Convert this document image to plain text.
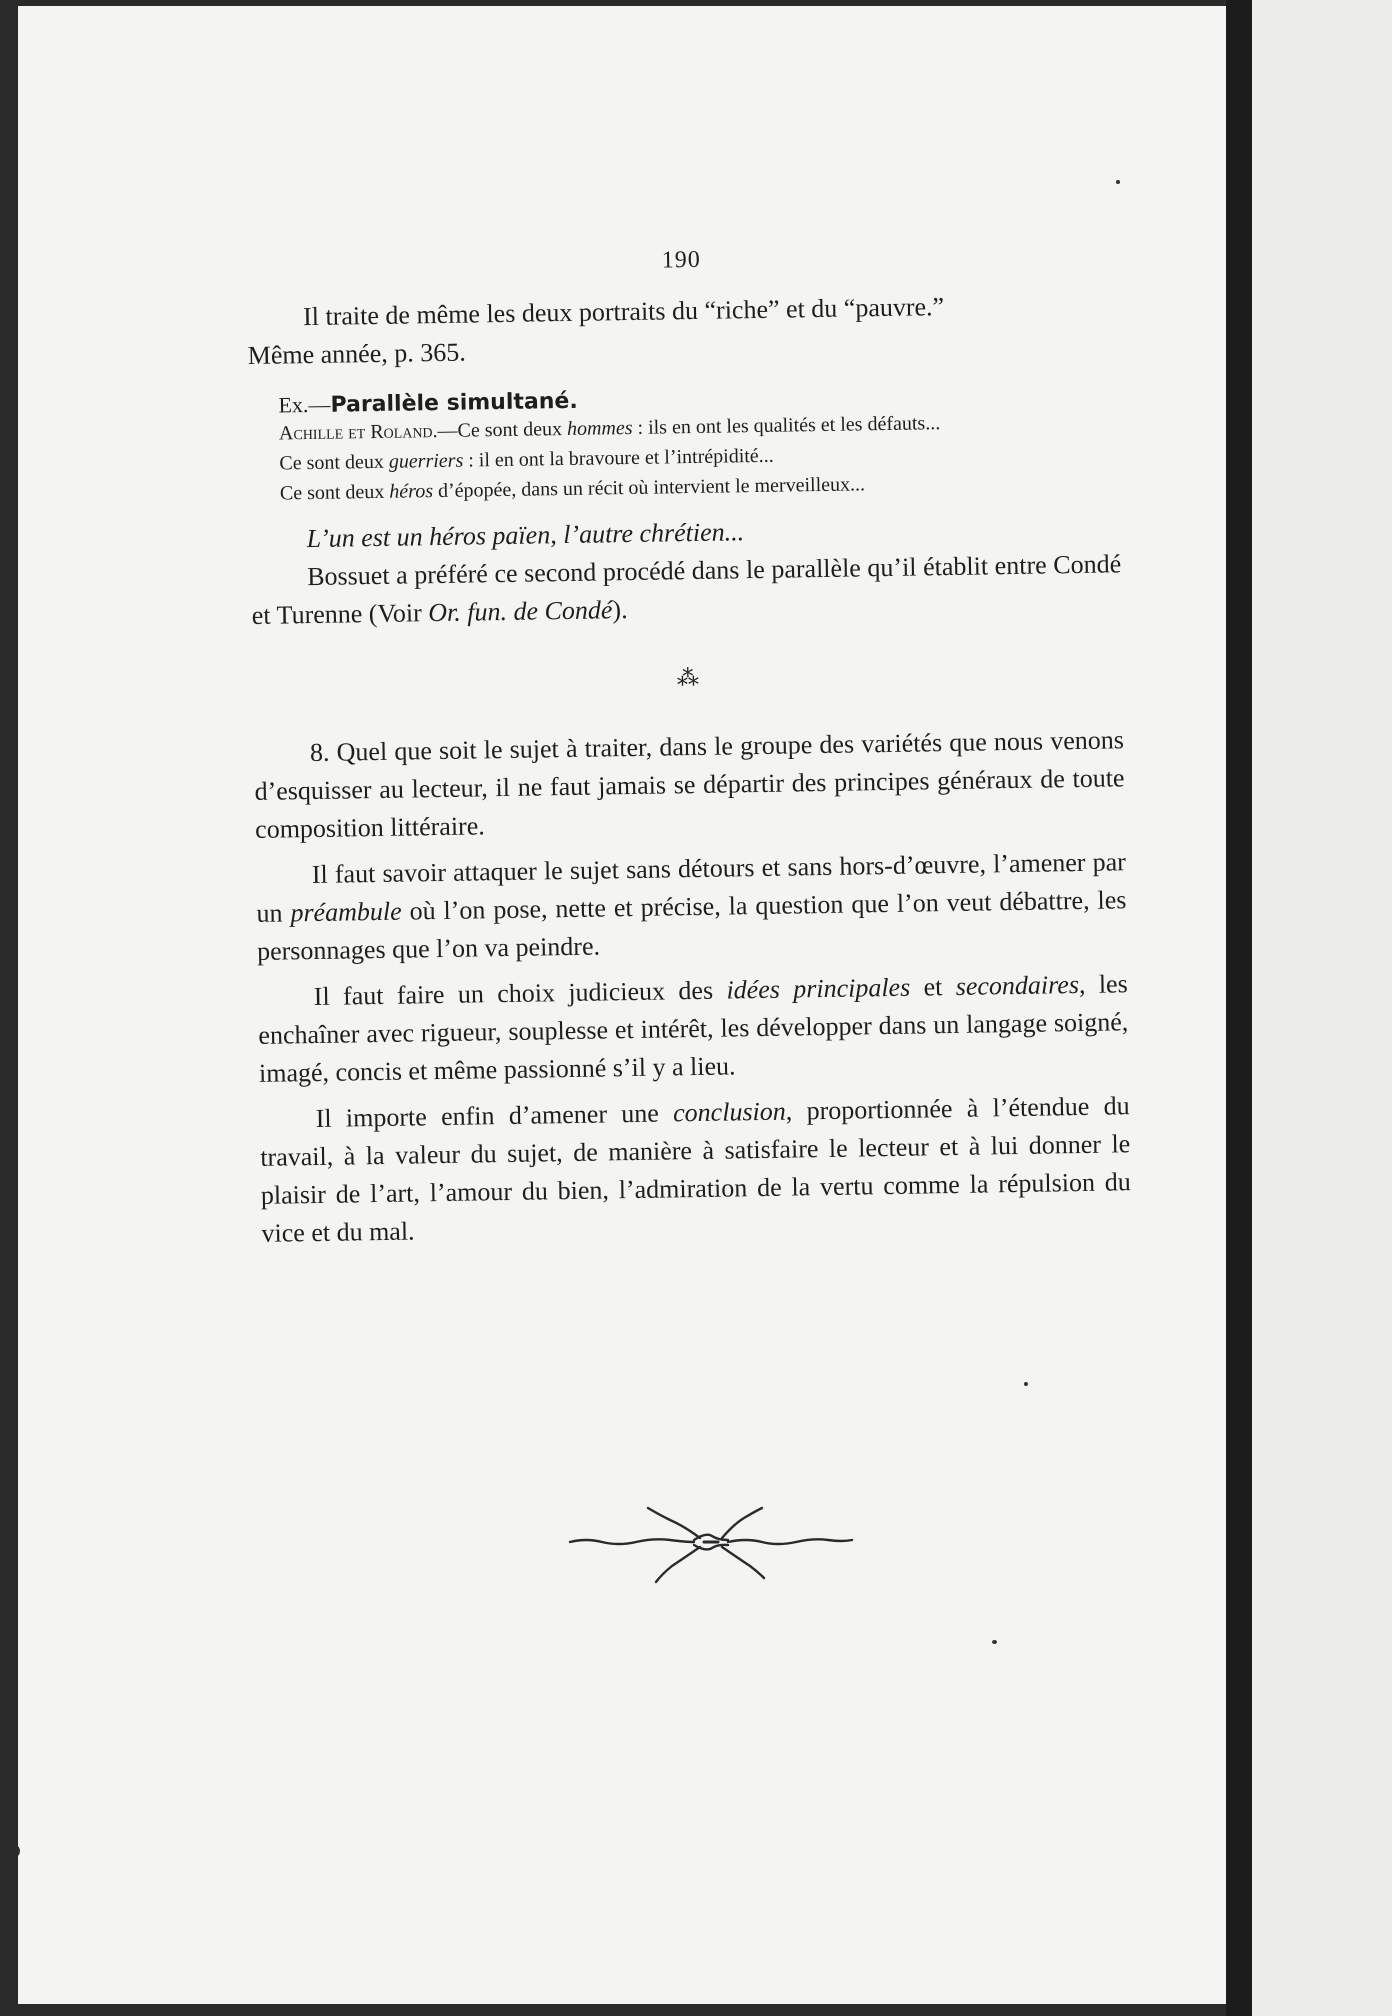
190

Il traite de même les deux portraits du “riche” et du “pauvre.”

Même année, p. 365.

Ex.—Parallèle simultané.

Achille et Roland.—Ce sont deux hommes : ils en ont les qualités et les défauts...

Ce sont deux guerriers : il en ont la bravoure et l’intrépidité...

Ce sont deux héros d’épopée, dans un récit où intervient le merveilleux...

L’un est un héros païen, l’autre chrétien...

Bossuet a préféré ce second procédé dans le parallèle qu’il établit entre Condé et Turenne (Voir Or. fun. de Condé).

⁂

8. Quel que soit le sujet à traiter, dans le groupe des variétés que nous venons d’esquisser au lecteur, il ne faut jamais se départir des principes généraux de toute composition littéraire.

Il faut savoir attaquer le sujet sans détours et sans hors-d’œuvre, l’amener par un préambule où l’on pose, nette et précise, la question que l’on veut débattre, les personnages que l’on va peindre.

Il faut faire un choix judicieux des idées principales et secondaires, les enchaîner avec rigueur, souplesse et intérêt, les développer dans un langage soigné, imagé, concis et même passionné s’il y a lieu.

Il importe enfin d’amener une conclusion, proportionnée à l’étendue du travail, à la valeur du sujet, de manière à satisfaire le lecteur et à lui donner le plaisir de l’art, l’amour du bien, l’admiration de la vertu comme la répulsion du vice et du mal.
